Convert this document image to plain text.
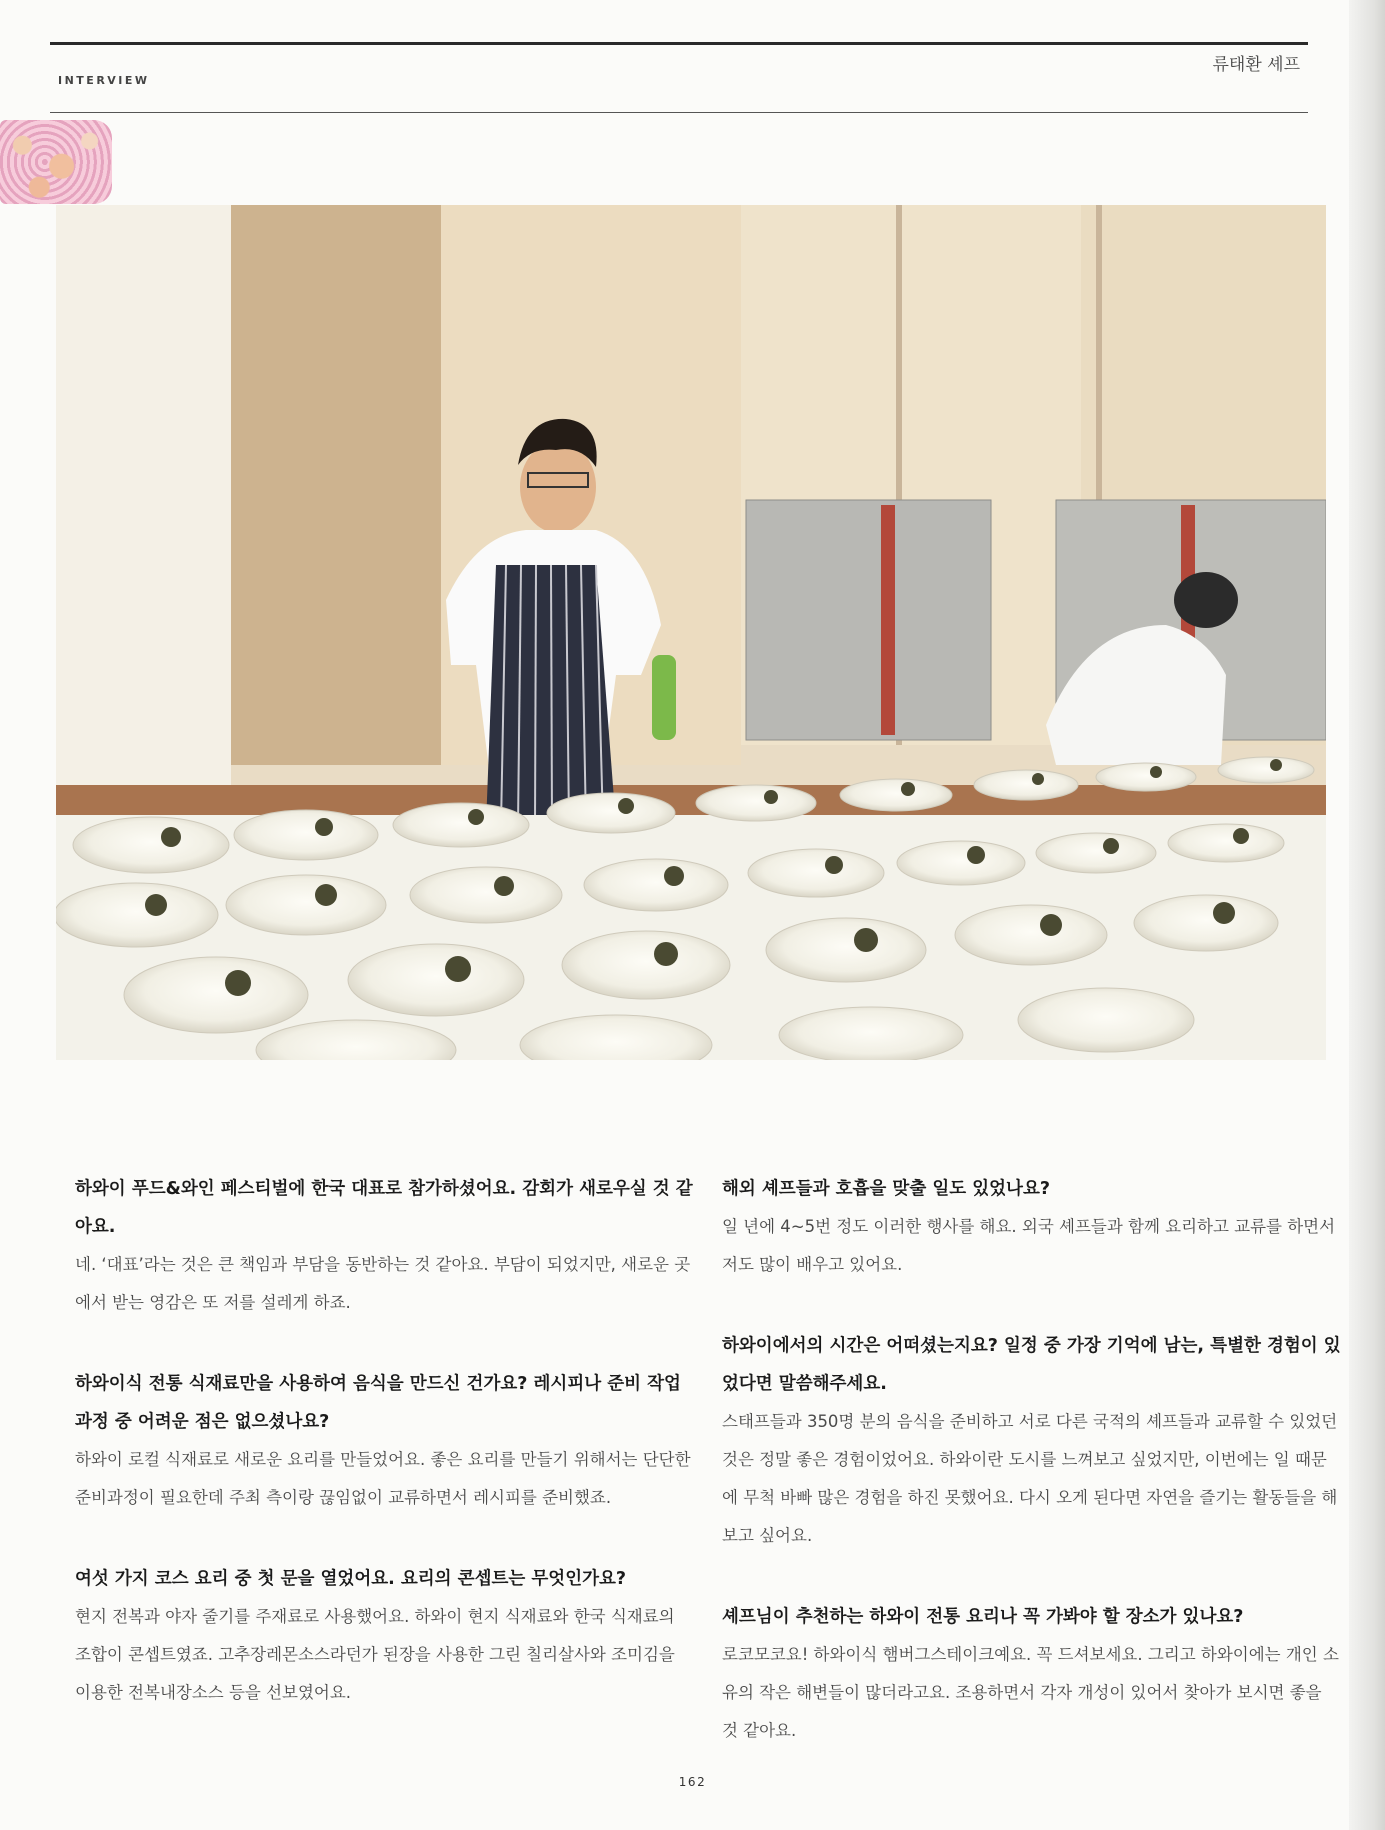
INTERVIEW
류태환 셰프

하와이 푸드&와인 페스티벌에 한국 대표로 참가하셨어요. 감회가 새로우실 것 같아요.

네. ‘대표’라는 것은 큰 책임과 부담을 동반하는 것 같아요. 부담이 되었지만, 새로운 곳에서 받는 영감은 또 저를 설레게 하죠.

하와이식 전통 식재료만을 사용하여 음식을 만드신 건가요? 레시피나 준비 작업 과정 중 어려운 점은 없으셨나요?

하와이 로컬 식재료로 새로운 요리를 만들었어요. 좋은 요리를 만들기 위해서는 단단한 준비과정이 필요한데 주최 측이랑 끊임없이 교류하면서 레시피를 준비했죠.

여섯 가지 코스 요리 중 첫 문을 열었어요. 요리의 콘셉트는 무엇인가요?

현지 전복과 야자 줄기를 주재료로 사용했어요. 하와이 현지 식재료와 한국 식재료의 조합이 콘셉트였죠. 고추장레몬소스라던가 된장을 사용한 그린 칠리살사와 조미김을 이용한 전복내장소스 등을 선보였어요.

해외 셰프들과 호흡을 맞출 일도 있었나요?

일 년에 4~5번 정도 이러한 행사를 해요. 외국 셰프들과 함께 요리하고 교류를 하면서 저도 많이 배우고 있어요.

하와이에서의 시간은 어떠셨는지요? 일정 중 가장 기억에 남는, 특별한 경험이 있었다면 말씀해주세요.

스태프들과 350명 분의 음식을 준비하고 서로 다른 국적의 셰프들과 교류할 수 있었던 것은 정말 좋은 경험이었어요. 하와이란 도시를 느껴보고 싶었지만, 이번에는 일 때문에 무척 바빠 많은 경험을 하진 못했어요. 다시 오게 된다면 자연을 즐기는 활동들을 해보고 싶어요.

셰프님이 추천하는 하와이 전통 요리나 꼭 가봐야 할 장소가 있나요?

로코모코요! 하와이식 햄버그스테이크예요. 꼭 드셔보세요. 그리고 하와이에는 개인 소유의 작은 해변들이 많더라고요. 조용하면서 각자 개성이 있어서 찾아가 보시면 좋을 것 같아요.

162
